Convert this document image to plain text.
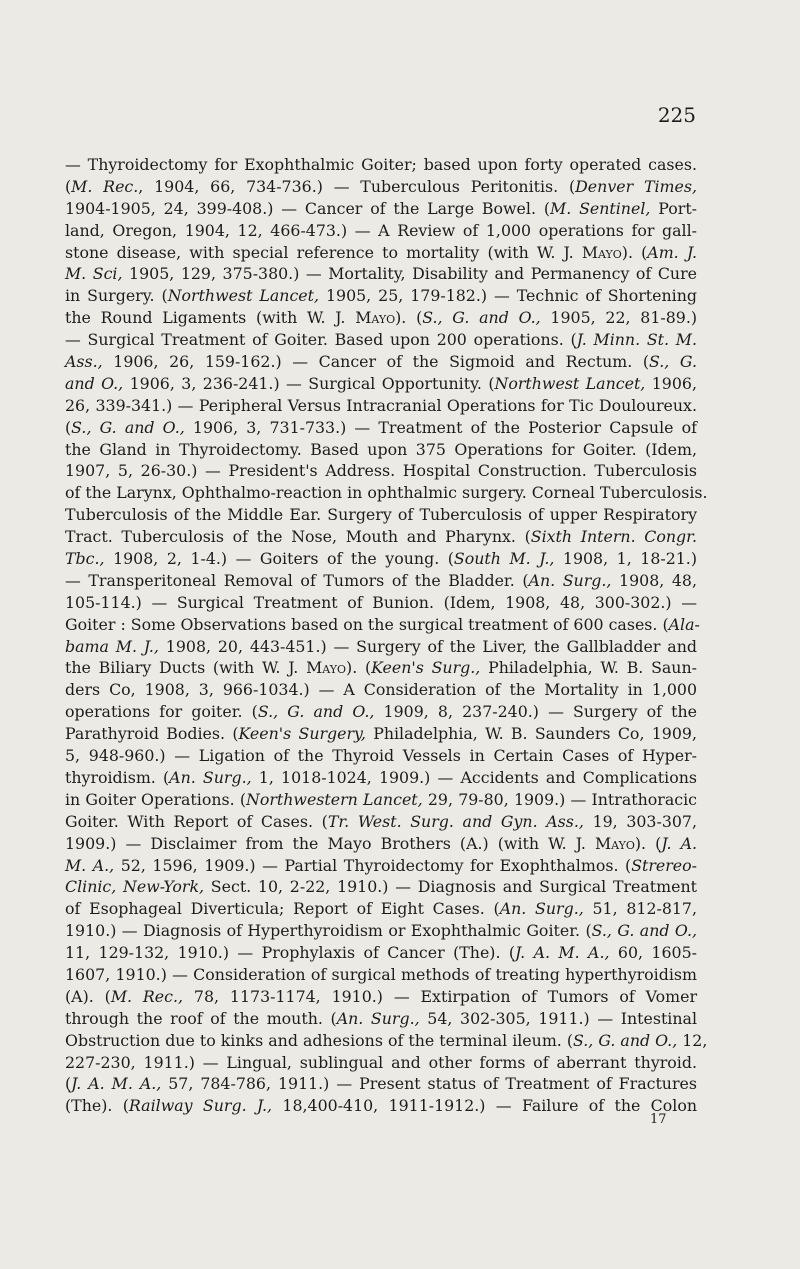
225
— Thyroidectomy for Exophthalmic Goiter; based upon forty operated cases.
(M. Rec., 1904, 66, 734-736.) — Tuberculous Peritonitis. (Denver Times,
1904-1905, 24, 399-408.) — Cancer of the Large Bowel. (M. Sentinel, Port-
land, Oregon, 1904, 12, 466-473.) — A Review of 1,000 operations for gall-
stone disease, with special reference to mortality (with W. J. Mayo). (Am. J.
M. Sci, 1905, 129, 375-380.) — Mortality, Disability and Permanency of Cure
in Surgery. (Northwest Lancet, 1905, 25, 179-182.) — Technic of Shortening
the Round Ligaments (with W. J. Mayo). (S., G. and O., 1905, 22, 81-89.)
— Surgical Treatment of Goiter. Based upon 200 operations. (J. Minn. St. M.
Ass., 1906, 26, 159-162.) — Cancer of the Sigmoid and Rectum. (S., G.
and O., 1906, 3, 236-241.) — Surgical Opportunity. (Northwest Lancet, 1906,
26, 339-341.) — Peripheral Versus Intracranial Operations for Tic Douloureux.
(S., G. and O., 1906, 3, 731-733.) — Treatment of the Posterior Capsule of
the Gland in Thyroidectomy. Based upon 375 Operations for Goiter. (Idem,
1907, 5, 26-30.) — President's Address. Hospital Construction. Tuberculosis
of the Larynx, Ophthalmo-reaction in ophthalmic surgery. Corneal Tuberculosis.
Tuberculosis of the Middle Ear. Surgery of Tuberculosis of upper Respiratory
Tract. Tuberculosis of the Nose, Mouth and Pharynx. (Sixth Intern. Congr.
Tbc., 1908, 2, 1-4.) — Goiters of the young. (South M. J., 1908, 1, 18-21.)
— Transperitoneal Removal of Tumors of the Bladder. (An. Surg., 1908, 48,
105-114.) — Surgical Treatment of Bunion. (Idem, 1908, 48, 300-302.) —
Goiter : Some Observations based on the surgical treatment of 600 cases. (Ala-
bama M. J., 1908, 20, 443-451.) — Surgery of the Liver, the Gallbladder and
the Biliary Ducts (with W. J. Mayo). (Keen's Surg., Philadelphia, W. B. Saun-
ders Co, 1908, 3, 966-1034.) — A Consideration of the Mortality in 1,000
operations for goiter. (S., G. and O., 1909, 8, 237-240.) — Surgery of the
Parathyroid Bodies. (Keen's Surgery, Philadelphia, W. B. Saunders Co, 1909,
5, 948-960.) — Ligation of the Thyroid Vessels in Certain Cases of Hyper-
thyroidism. (An. Surg., 1, 1018-1024, 1909.) — Accidents and Complications
in Goiter Operations. (Northwestern Lancet, 29, 79-80, 1909.) — Intrathoracic
Goiter. With Report of Cases. (Tr. West. Surg. and Gyn. Ass., 19, 303-307,
1909.) — Disclaimer from the Mayo Brothers (A.) (with W. J. Mayo). (J. A.
M. A., 52, 1596, 1909.) — Partial Thyroidectomy for Exophthalmos. (Strereo-
Clinic, New-York, Sect. 10, 2-22, 1910.) — Diagnosis and Surgical Treatment
of Esophageal Diverticula; Report of Eight Cases. (An. Surg., 51, 812-817,
1910.) — Diagnosis of Hyperthyroidism or Exophthalmic Goiter. (S., G. and O.,
11, 129-132, 1910.) — Prophylaxis of Cancer (The). (J. A. M. A., 60, 1605-
1607, 1910.) — Consideration of surgical methods of treating hyperthyroidism
(A). (M. Rec., 78, 1173-1174, 1910.) — Extirpation of Tumors of Vomer
through the roof of the mouth. (An. Surg., 54, 302-305, 1911.) — Intestinal
Obstruction due to kinks and adhesions of the terminal ileum. (S., G. and O., 12,
227-230, 1911.) — Lingual, sublingual and other forms of aberrant thyroid.
(J. A. M. A., 57, 784-786, 1911.) — Present status of Treatment of Fractures
(The). (Railway Surg. J., 18,400-410, 1911-1912.) — Failure of the Colon
17
